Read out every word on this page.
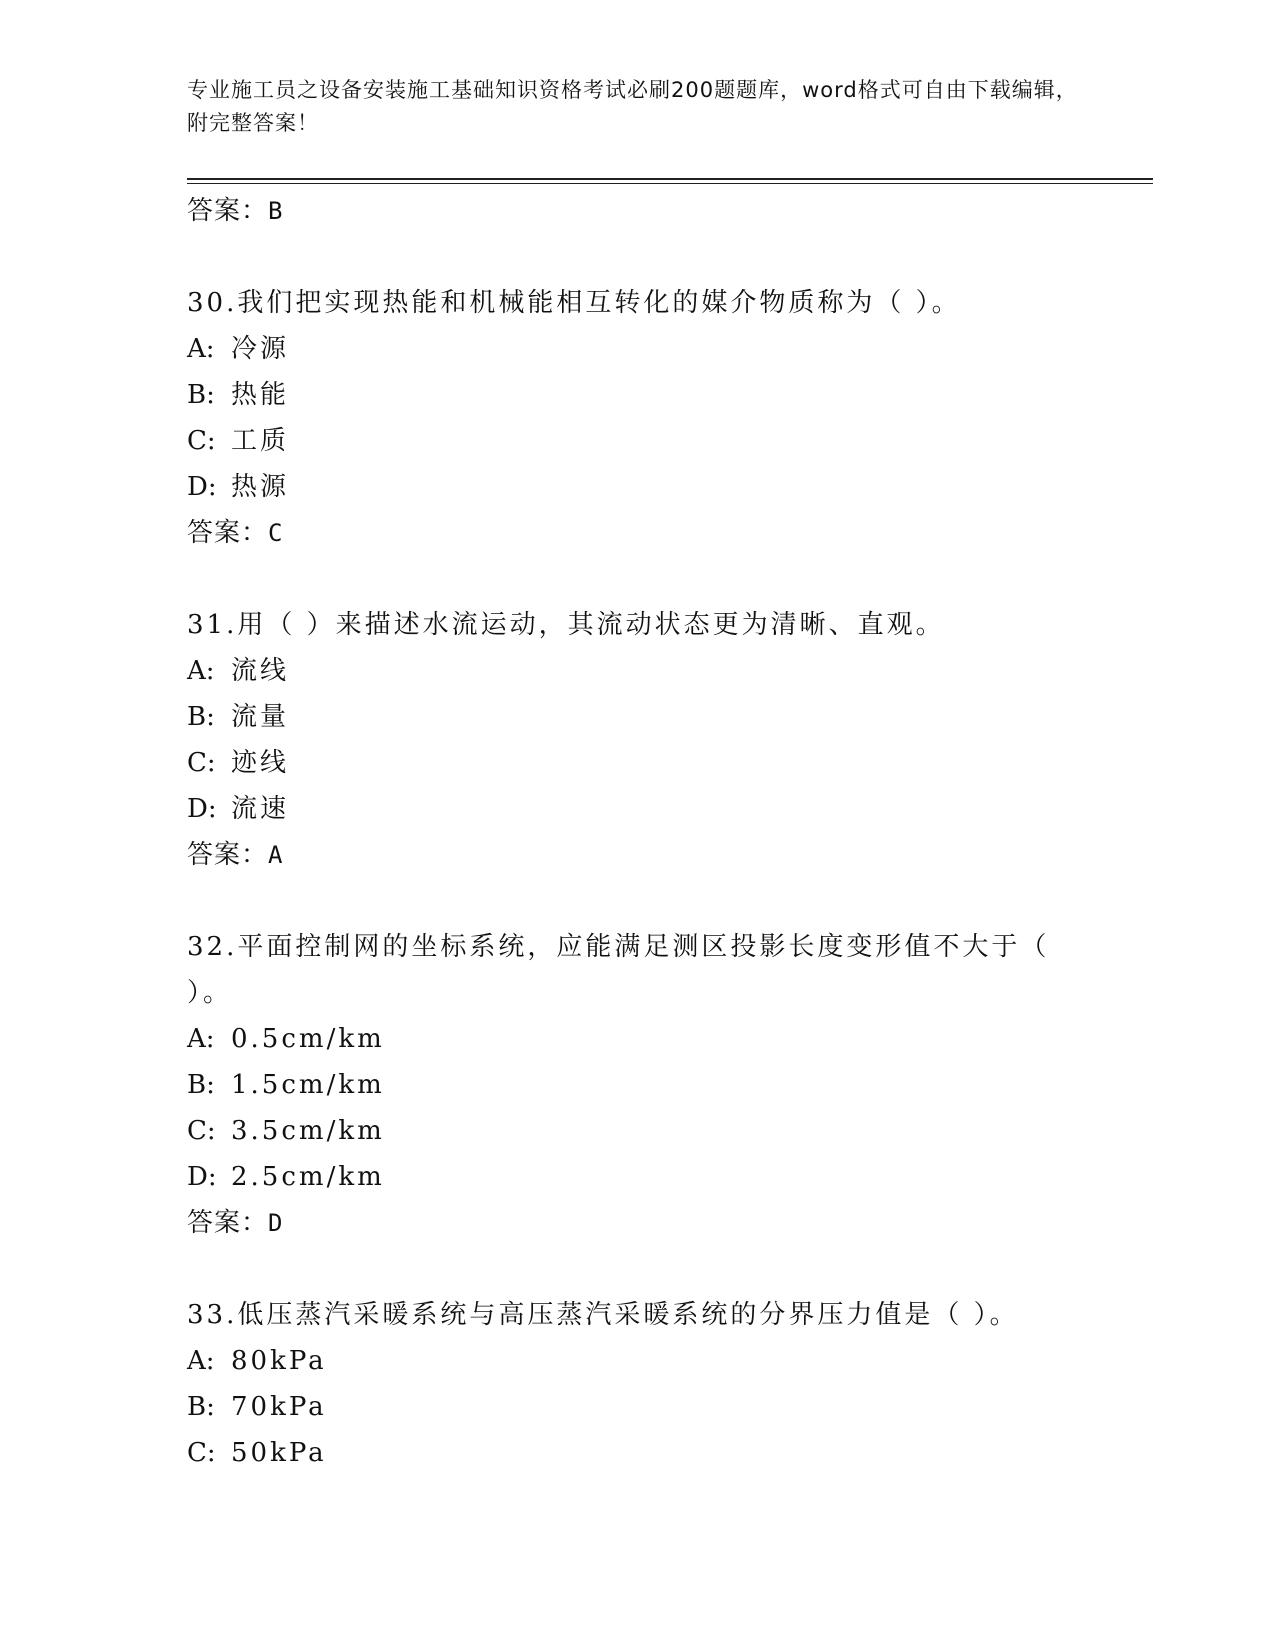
专业施工员之设备安装施工基础知识资格考试必刷200题题库，word格式可自由下载编辑，附完整答案！
答案：B
30.我们把实现热能和机械能相互转化的媒介物质称为（ ）。
A: 冷源
B: 热能
C: 工质
D: 热源
答案：C
31.用（ ）来描述水流运动，其流动状态更为清晰、直观。
A: 流线
B: 流量
C: 迹线
D: 流速
答案：A
32.平面控制网的坐标系统，应能满足测区投影长度变形值不大于（ ）。
A: 0.5cm/km
B: 1.5cm/km
C: 3.5cm/km
D: 2.5cm/km
答案：D
33.低压蒸汽采暖系统与高压蒸汽采暖系统的分界压力值是（ ）。
A: 80kPa
B: 70kPa
C: 50kPa
